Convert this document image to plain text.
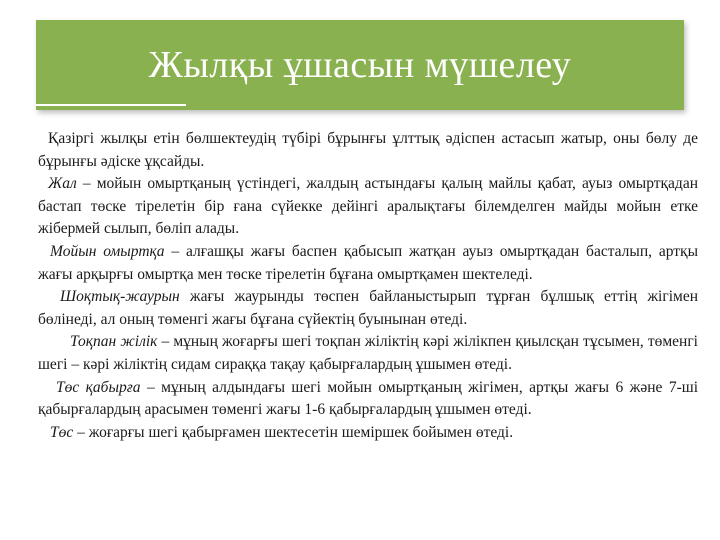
Жылқы ұшасын мүшелеу

Қазіргі жылқы етін бөлшектеудің түбірі бұрынғы ұлттық әдіспен астасып жатыр, оны бөлу де бұрынғы әдіске ұқсайды.

Жал – мойын омыртқаның үстіндегі, жалдың астындағы қалың майлы қабат, ауыз омыртқадан бастап төске тірелетін бір ғана сүйекке дейінгі аралықтағы білемделген майды мойын етке жібермей сылып, бөліп алады.

Мойын омыртқа – алғашқы жағы баспен қабысып жатқан ауыз омыртқадан басталып, артқы жағы арқырғы омыртқа мен төске тірелетін бұғана омыртқамен шектеледі.

Шоқтық-жаурын жағы жаурынды төспен байланыстырып тұрған бұлшық еттің жігімен бөлінеді, ал оның төменгі жағы бұғана сүйектің буынынан өтеді.

Тоқпан жілік – мұның жоғарғы шегі тоқпан жіліктің кәрі жілікпен қиылсқан тұсымен, төменгі шегі – кәрі жіліктің сидам сираққа тақау қабырғалардың ұшымен өтеді.

Төс қабырға – мұның алдындағы шегі мойын омыртқаның жігімен, артқы жағы 6 және 7-ші қабырғалардың арасымен төменгі жағы 1-6 қабырғалардың ұшымен өтеді.

Төс – жоғарғы шегі қабырғамен шектесетін шеміршек бойымен өтеді.
